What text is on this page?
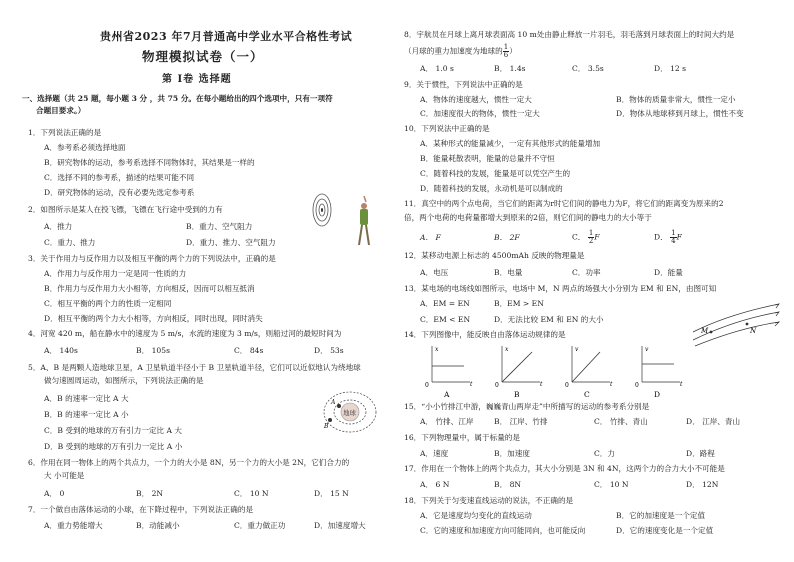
贵州省2023 年7月普通高中学业水平合格性考试
物理模拟试卷（一）
第 Ⅰ卷 选择题
一、选择题（共 25 题，每小题 3 分 ，共 75 分。在每小题给出的四个选项中，只有一项符
合题目要求。）
1．下列说法正确的是
A．参考系必须选择地面
B．研究物体的运动，参考系选择不同物体时，其结果是一样的
C．选择不同的参考系，描述的结果可能不同
D．研究物体的运动，没有必要先选定参考系
2．如图所示是某人在投飞镖，飞镖在飞行途中受到的力有
A．推力	B．重力、空气阻力
C．重力、推力	D．重力、推力、空气阻力
3．关于作用力与反作用力以及相互平衡的两个力的下列说法中，正确的是
A．作用力与反作用力一定是同一性质的力
B．作用力与反作用力大小相等，方向相反，因而可以相互抵消
C．相互平衡的两个力的性质一定相同
D．相互平衡的两个力大小相等，方向相反，同时出现，同时消失
4．河宽 420 m，船在静水中的速度为 5 m/s，水流的速度为 3 m/s，则船过河的最短时间为
A． 140s	B． 105s	C． 84s	D． 53s
5．A、B 是两颗人造地球卫星，A 卫星轨道半径小于 B 卫星轨道半径，它们可以近似地认为绕地球
做匀速圆周运动，如图所示，下列说法正确的是
A．B 的速率一定比 A 大
B．B 的速率一定比 A 小
C．B 受到的地球的万有引力一定比 A 大
D．B 受到的地球的万有引力一定比 A 小
地球
A
B
6．作用在同一物体上的两个共点力，一个力的大小是 8N，另一个力的大小是 2N，它们合力的
大 小可能是
A． 0	B． 2N	C． 10 N	D． 15 N
7．一个做自由落体运动的小球，在下降过程中，下列说法正确的是
A．重力势能增大	B．动能减小	C．重力做正功	D．加速度增大
8．宇航员在月球上离月球表面高 10 m处由静止释放一片羽毛，羽毛落到月球表面上的时间大约是
（月球的重力加速度为地球的 $\frac{1}{6}$ ）
A． 1.0 s	B． 1.4s	C． 3.5s	D． 12 s
9．关于惯性，下列说法中正确的是
A．物体的速度越大，惯性一定大	B．物体的质量非常大，惯性一定小
C．加速度很大的物体，惯性一定大	D．物体从地球移到月球上，惯性不变
10．下列说法中正确的是
A．某种形式的能量减少，一定有其他形式的能量增加
B．能量耗散表明，能量的总量并不守恒
C．随着科技的发展，能量是可以凭空产生的
D．随着科技的发展，永动机是可以制成的
11．真空中的两个点电荷，当它们的距离为r时它们间的静电力为F，将它们的距离变为原来的2
倍，两个电荷的电荷量都增大到原来的2倍，则它们间的静电力的大小等于
A． F	B． 2F	C． $\frac{1}{2}$ F	D． $\frac{1}{4}$ F
12．某移动电源上标志的 4500mAh 反映的物理量是
A．电压	B．电量	C．功率	D．能量
13．某电场的电场线如图所示，电场中 M，N 两点的场强大小分别为 EM 和 EN，由图可知
A．EM = EN	B．EM > EN
C．EM < EN	D．无法比较 EM 和 EN 的大小
M	N
14．下列图像中，能反映自由落体运动规律的是
x
t
0
A
x
t
0
B
v
t
0
C
v
t
0
D
15．“小小竹排江中游，巍巍青山两岸走”中所描写的运动的参考系分别是
A． 竹排、江岸	B． 江岸、竹排	C． 竹排、青山	D． 江岸、青山
16．下列物理量中，属于标量的是
A．速度	B．加速度	C．力	D．路程
17．作用在一个物体上的两个共点力，其大小分别是 3N 和 4N，这两个力的合力大小不可能是
A． 6 N	B． 8N	C． 10 N	D． 12N
18．下列关于匀变速直线运动的说法，不正确的是
A．它是速度均匀变化的直线运动	B．它的加速度是一个定值
C．它的速度和加速度方向可能同向，也可能反向	D．它的速度变化是一个定值
